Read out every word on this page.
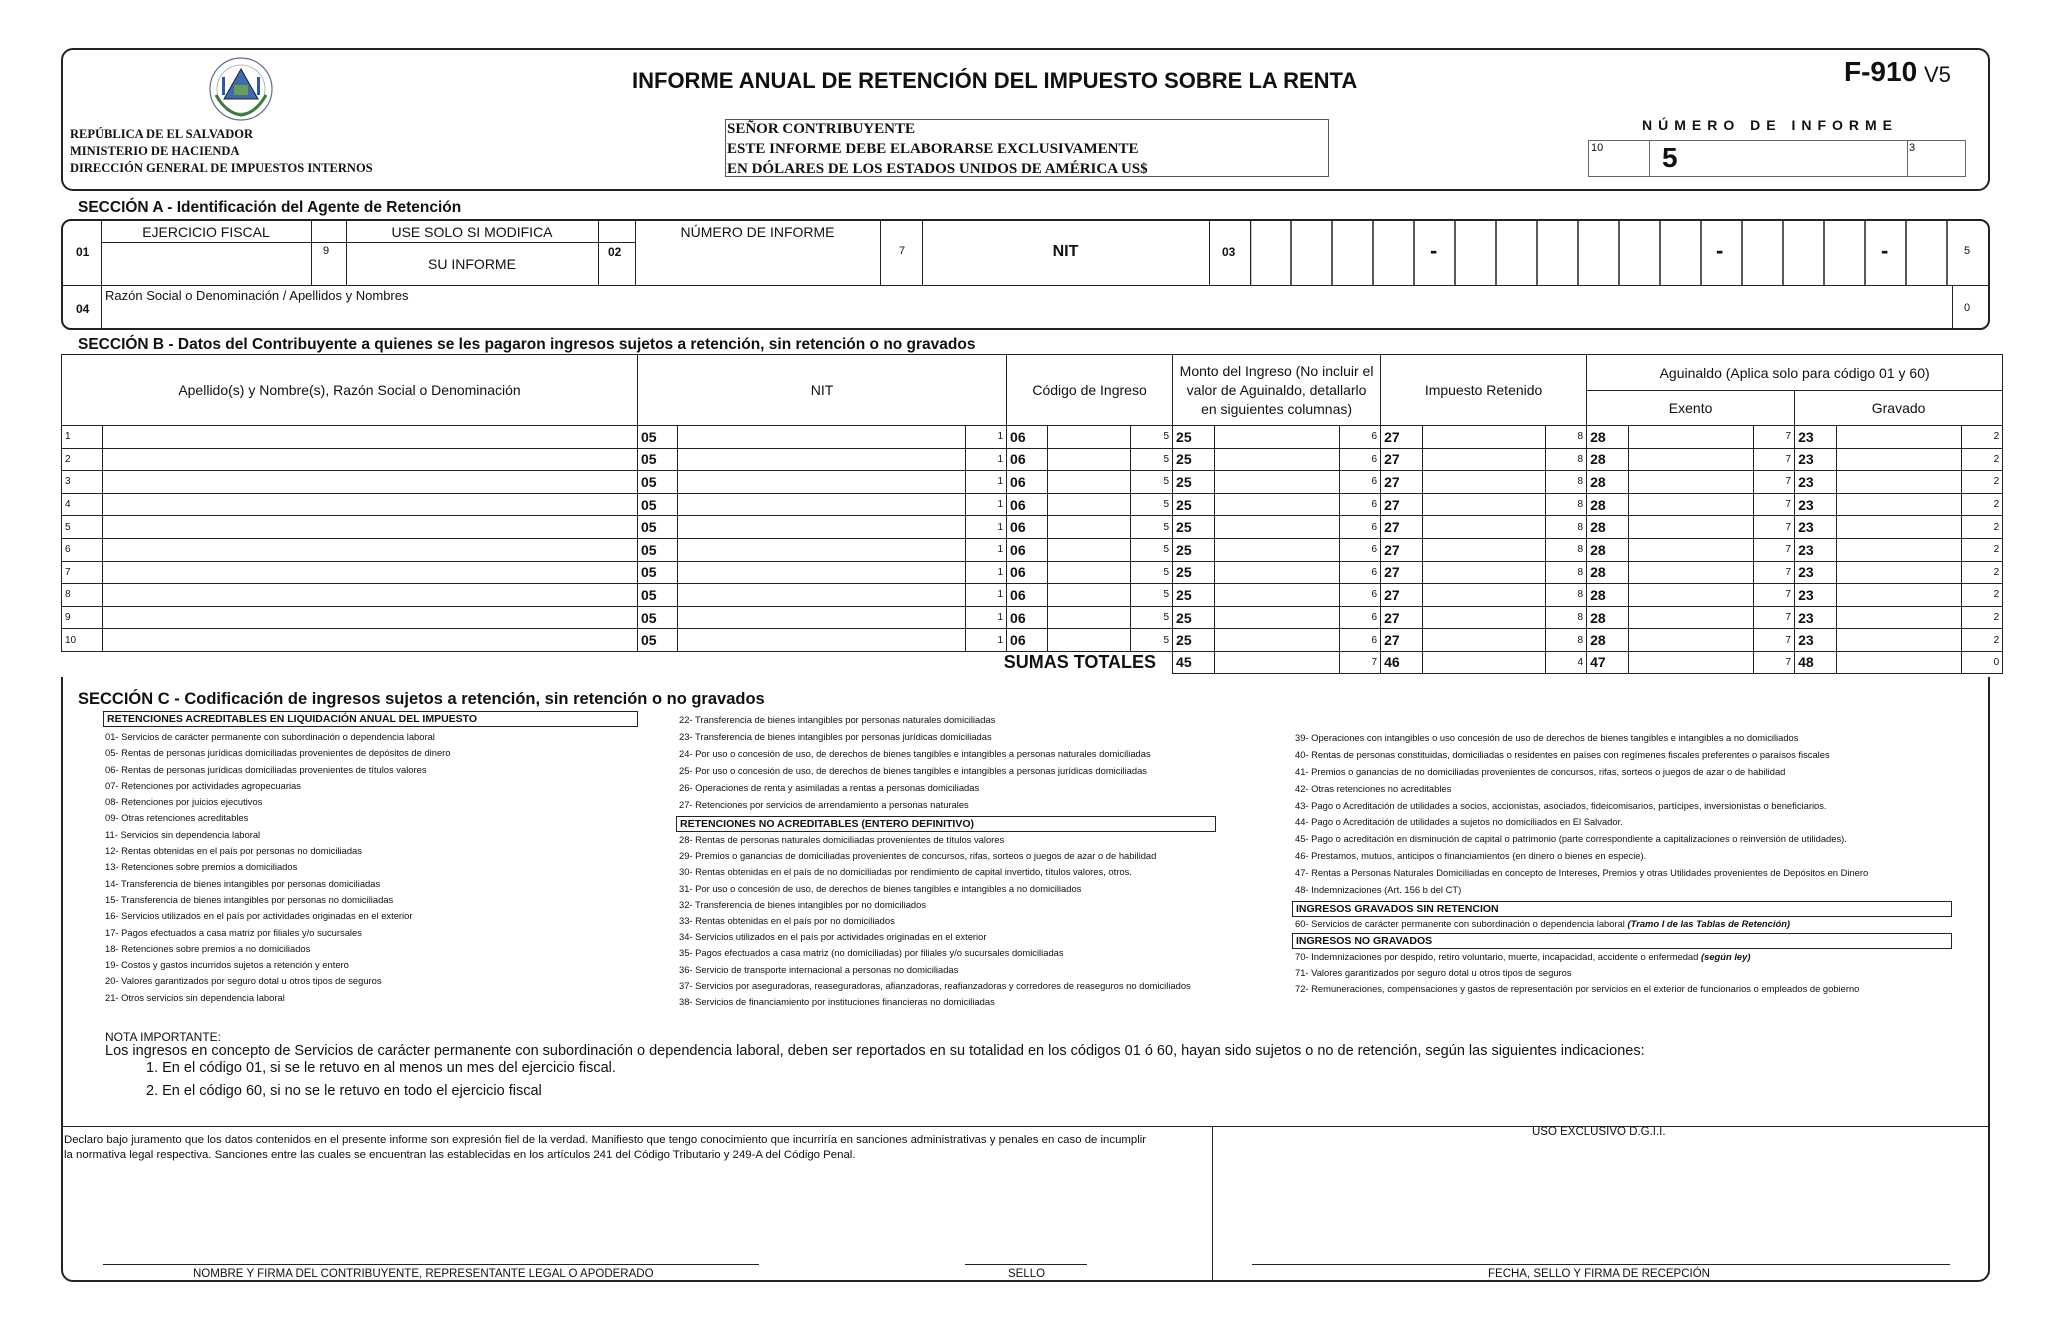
REPÚBLICA DE EL SALVADOR
MINISTERIO DE HACIENDA
DIRECCIÓN GENERAL DE IMPUESTOS INTERNOS
INFORME ANUAL DE RETENCIÓN DEL IMPUESTO SOBRE LA RENTA
SEÑOR CONTRIBUYENTE
ESTE INFORME DEBE ELABORARSE EXCLUSIVAMENTE
EN DÓLARES DE LOS ESTADOS UNIDOS DE AMÉRICA US$
F-910 V5
NÚMERO DE INFORME
10 5	3
SECCIÓN A - Identificación del Agente de Retención
01
EJERCICIO FISCAL
9
USE SOLO SI MODIFICA
SU INFORME
02
NÚMERO DE INFORME
7	NIT	03	-	-	-	5
04
Razón Social o Denominación / Apellidos y Nombres
0
SECCIÓN B - Datos del Contribuyente a quienes se les pagaron ingresos sujetos a retención, sin retención o no gravados
Apellido(s) y Nombre(s), Razón Social o Denominación		NIT			Código de Ingreso			Monto del Ingreso (No incluir el valor de Aguinaldo, detallarlo en siguientes columnas)			Impuesto Retenido			Aguinaldo (Aplica solo para código 01 y 60)					
														Exento			Gravado		
1		05		1	06		5	25		6	27		8	28		7	23		2
2		05		1	06		5	25		6	27		8	28		7	23		2
3		05		1	06		5	25		6	27		8	28		7	23		2
4		05		1	06		5	25		6	27		8	28		7	23		2
5		05		1	06		5	25		6	27		8	28		7	23		2
6		05		1	06		5	25		6	27		8	28		7	23		2
7		05		1	06		5	25		6	27		8	28		7	23		2
8		05		1	06		5	25		6	27		8	28		7	23		2
9		05		1	06		5	25		6	27		8	28		7	23		2
10		05		1	06		5	25		6	27		8	28		7	23		2
SUMAS TOTALES								45		7	46		4	47		7	48		0
SECCIÓN C - Codificación de ingresos sujetos a retención, sin retención o no gravados
RETENCIONES ACREDITABLES EN LIQUIDACIÓN ANUAL DEL IMPUESTO
01- Servicios de carácter permanente con subordinación o dependencia laboral
05- Rentas de personas jurídicas domiciliadas provenientes de depósitos de dinero
06- Rentas de personas jurídicas domiciliadas provenientes de títulos valores
07- Retenciones por actividades agropecuarias
08- Retenciones por juicios ejecutivos
09- Otras retenciones acreditables
11- Servicios sin dependencia laboral
12- Rentas obtenidas en el país por personas no domiciliadas
13- Retenciones sobre premios a domiciliados
14- Transferencia de bienes intangibles por personas domiciliadas
15- Transferencia de bienes intangibles por personas no domiciliadas
16- Servicios utilizados en el país por actividades originadas en el exterior
17- Pagos efectuados a casa matriz por filiales y/o sucursales
18- Retenciones sobre premios a no domiciliados
19- Costos y gastos incurridos sujetos a retención y entero
20- Valores garantizados por seguro dotal u otros tipos de seguros
21- Otros servicios sin dependencia laboral
22- Transferencia de bienes intangibles por personas naturales domiciliadas
23- Transferencia de bienes intangibles por personas jurídicas domiciliadas
24- Por uso o concesión de uso, de derechos de bienes tangibles e intangibles a personas naturales domiciliadas
25- Por uso o concesión de uso, de derechos de bienes tangibles e intangibles a personas jurídicas domiciliadas
26- Operaciones de renta y asimiladas a rentas a personas domiciliadas
27- Retenciones por servicios de arrendamiento a personas naturales
RETENCIONES NO ACREDITABLES (ENTERO DEFINITIVO)
28- Rentas de personas naturales domiciliadas provenientes de títulos valores
29- Premios o ganancias de domiciliadas provenientes de concursos, rifas, sorteos o juegos de azar o de habilidad
30- Rentas obtenidas en el país de no domiciliadas por rendimiento de capital invertido, títulos valores, otros.
31- Por uso o concesión de uso, de derechos de bienes tangibles e intangibles a no domiciliados
32- Transferencia de bienes intangibles por no domiciliados
33- Rentas obtenidas en el país por no domiciliados
34- Servicios utilizados en el país por actividades originadas en el exterior
35- Pagos efectuados a casa matriz (no domiciliadas) por filiales y/o sucursales domiciliadas
36- Servicio de transporte internacional a personas no domiciliadas
37- Servicios por aseguradoras, reaseguradoras, afianzadoras, reafianzadoras y corredores de reaseguros no domiciliados
38- Servicios de financiamiento por instituciones financieras no domiciliadas
39- Operaciones con intangibles o uso concesión de uso de derechos de bienes tangibles e intangibles a no domiciliados
40- Rentas de personas constituidas, domiciliadas o residentes en países con regímenes fiscales preferentes o paraísos fiscales
41- Premios o ganancias de no domiciliadas provenientes de concursos, rifas, sorteos o juegos de azar o de habilidad
42- Otras retenciones no acreditables
43- Pago o Acreditación de utilidades a socios, accionistas, asociados, fideicomisarios, partícipes, inversionistas o beneficiarios.
44- Pago o Acreditación de utilidades a sujetos no domiciliados en El Salvador.
45- Pago o acreditación en disminución de capital o patrimonio (parte correspondiente a capitalizaciones o reinversión de utilidades).
46- Prestamos, mutuos, anticipos o financiamientos (en dinero o bienes en especie).
47- Rentas a Personas Naturales Domiciliadas en concepto de Intereses, Premios y otras Utilidades provenientes de Depósitos en Dinero
48- Indemnizaciones (Art. 156 b del CT)
INGRESOS GRAVADOS SIN RETENCION
60- Servicios de carácter permanente con subordinación o dependencia laboral (Tramo I de las Tablas de Retención)
INGRESOS NO GRAVADOS
70- Indemnizaciones por despido, retiro voluntario, muerte, incapacidad, accidente o enfermedad (según ley)
71- Valores garantizados por seguro dotal u otros tipos de seguros
72- Remuneraciones, compensaciones y gastos de representación por servicios en el exterior de funcionarios o empleados de gobierno
NOTA IMPORTANTE:
Los ingresos en concepto de Servicios de carácter permanente con subordinación o dependencia laboral, deben ser reportados en su totalidad en los códigos 01 ó 60, hayan sido sujetos o no de retención, según las siguientes indicaciones:
1. En el código 01, si se le retuvo en al menos un mes del ejercicio fiscal.
2. En el código 60, si no se le retuvo en todo el ejercicio fiscal
Declaro bajo juramento que los datos contenidos en el presente informe son expresión fiel de la verdad. Manifiesto que tengo conocimiento que incurriría en sanciones administrativas y penales en caso de incumplir
la normativa legal respectiva. Sanciones entre las cuales se encuentran las establecidas en los artículos 241 del Código Tributario y 249-A del Código Penal.
USO EXCLUSIVO D.G.I.I.
NOMBRE Y FIRMA DEL CONTRIBUYENTE, REPRESENTANTE LEGAL O APODERADO	SELLO	FECHA, SELLO Y FIRMA DE RECEPCIÓN
